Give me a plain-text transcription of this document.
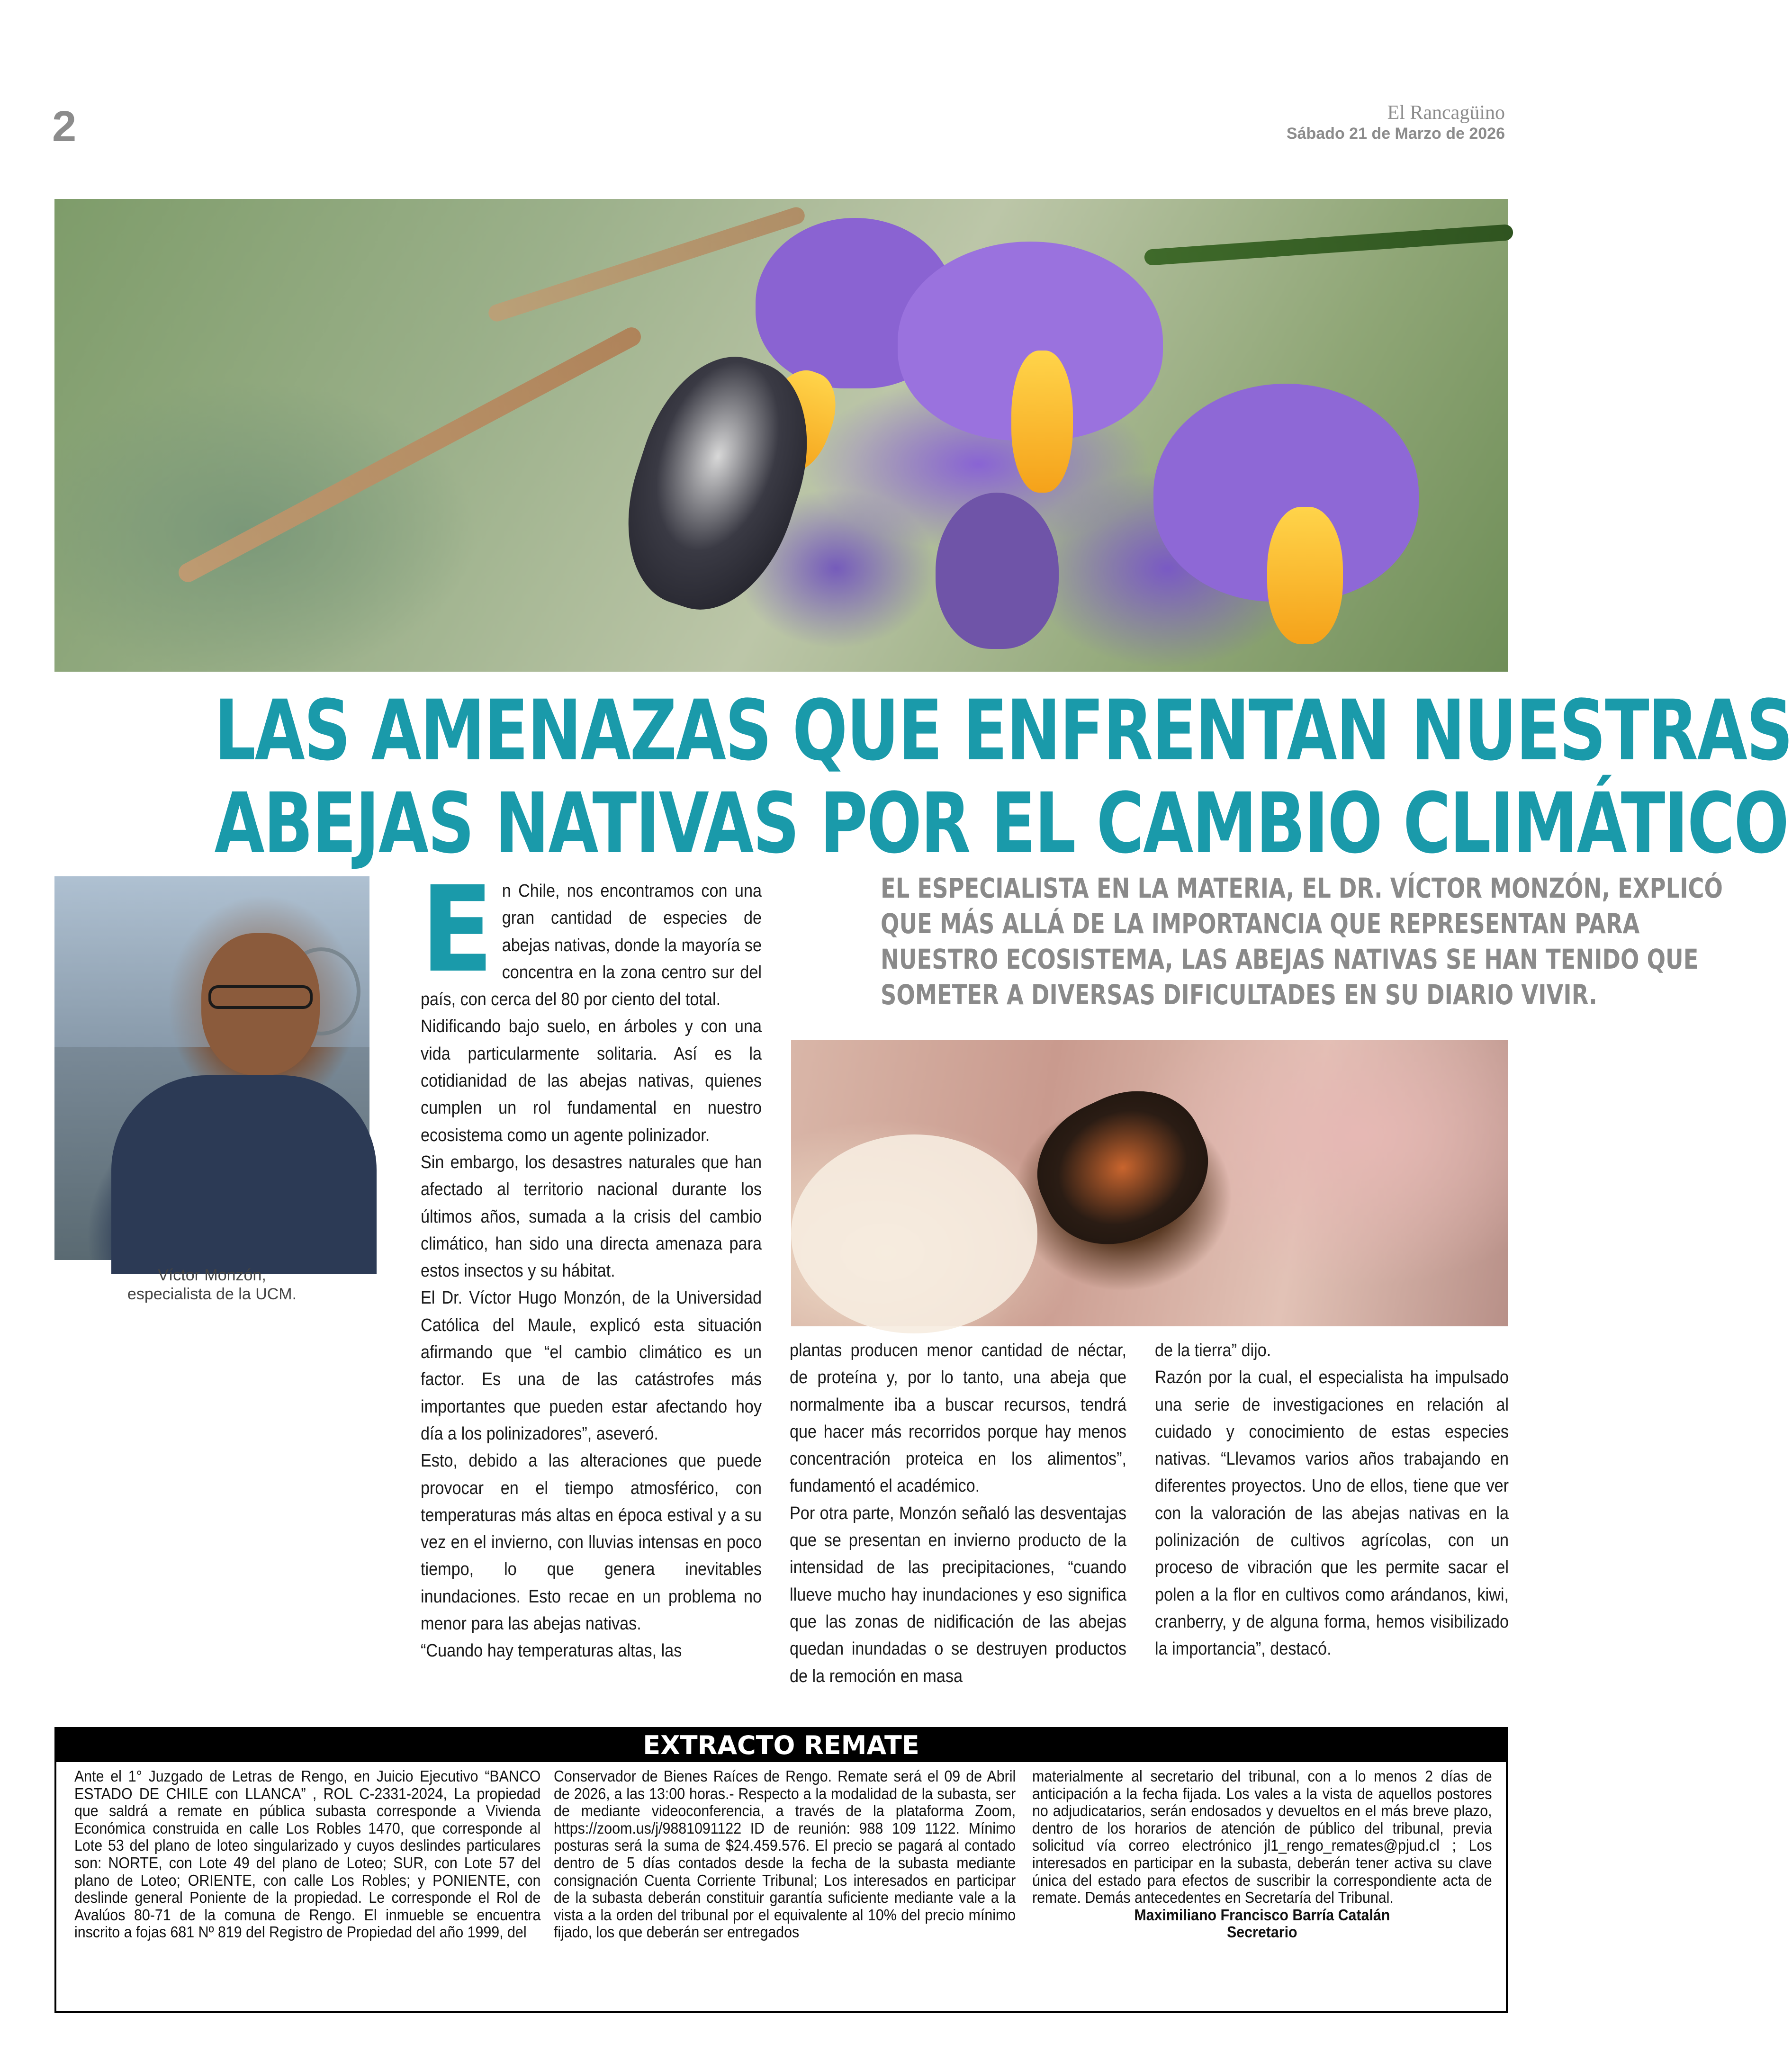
2	El Rancagüino
Sábado 21 de Marzo de 2026
LAS AMENAZAS QUE ENFRENTAN NUESTRAS
ABEJAS NATIVAS POR EL CAMBIO CLIMÁTICO
Víctor Monzón,
especialista de la UCM.
E n Chile, nos encontramos con una gran cantidad de especies de abejas nativas, donde la mayoría se concentra en la zona centro sur del país, con cerca del 80 por ciento del total.

Nidificando bajo suelo, en árboles y con una vida particularmente solitaria. Así es la cotidianidad de las abejas nativas, quienes cumplen un rol fundamental en nuestro ecosistema como un agente polinizador.

Sin embargo, los desastres naturales que han afectado al territorio nacional durante los últimos años, sumada a la crisis del cambio climático, han sido una directa amenaza para estos insectos y su hábitat.

El Dr. Víctor Hugo Monzón, de la Universidad Católica del Maule, explicó esta situación afirmando que “el cambio climático es un factor. Es una de las catástrofes más importantes que pueden estar afectando hoy día a los polinizadores”, aseveró.

Esto, debido a las alteraciones que puede provocar en el tiempo atmosférico, con temperaturas más altas en época estival y a su vez en el invierno, con lluvias intensas en poco tiempo, lo que genera inevitables inundaciones. Esto recae en un problema no menor para las abejas nativas.

“Cuando hay temperaturas altas, las

EL ESPECIALISTA EN LA MATERIA, EL DR. VÍCTOR MONZÓN, EXPLICÓ
QUE MÁS ALLÁ DE LA IMPORTANCIA QUE REPRESENTAN PARA
NUESTRO ECOSISTEMA, LAS ABEJAS NATIVAS SE HAN TENIDO QUE
SOMETER A DIVERSAS DIFICULTADES EN SU DIARIO VIVIR.

plantas producen menor cantidad de néctar, de proteína y, por lo tanto, una abeja que normalmente iba a buscar recursos, tendrá que hacer más recorridos porque hay menos concentración proteica en los alimentos”, fundamentó el académico.

Por otra parte, Monzón señaló las desventajas que se presentan en invierno producto de la intensidad de las precipitaciones, “cuando llueve mucho hay inundaciones y eso significa que las zonas de nidificación de las abejas quedan inundadas o se destruyen productos de la remoción en masa

de la tierra” dijo.

Razón por la cual, el especialista ha impulsado una serie de investigaciones en relación al cuidado y conocimiento de estas especies nativas. “Llevamos varios años trabajando en diferentes proyectos. Uno de ellos, tiene que ver con la valoración de las abejas nativas en la polinización de cultivos agrícolas, con un proceso de vibración que les permite sacar el polen a la flor en cultivos como arándanos, kiwi, cranberry, y de alguna forma, hemos visibilizado la importancia”, destacó.

EXTRACTO REMATE

Ante el 1° Juzgado de Letras de Rengo, en Juicio Ejecutivo “BANCO ESTADO DE CHILE con LLANCA” , ROL C-2331-2024, La propiedad que saldrá a remate en pública subasta corresponde a Vivienda Económica construida en calle Los Robles 1470, que corresponde al Lote 53 del plano de loteo singularizado y cuyos deslindes particulares son: NORTE, con Lote 49 del plano de Loteo; SUR, con Lote 57 del plano de Loteo; ORIENTE, con calle Los Robles; y PONIENTE, con deslinde general Poniente de la propiedad. Le corresponde el Rol de Avalúos 80-71 de la comuna de Rengo. El inmueble se encuentra inscrito a fojas 681 Nº 819 del Registro de Propiedad del año 1999, del

Conservador de Bienes Raíces de Rengo. Remate será el 09 de Abril de 2026, a las 13:00 horas.- Respecto a la modalidad de la subasta, ser de mediante videoconferencia, a través de la plataforma Zoom, https://zoom.us/j/9881091122 ID de reunión: 988 109 1122. Mínimo posturas será la suma de $24.459.576. El precio se pagará al contado dentro de 5 días contados desde la fecha de la subasta mediante consignación Cuenta Corriente Tribunal; Los interesados en participar de la subasta deberán constituir garantía suficiente mediante vale a la vista a la orden del tribunal por el equivalente al 10% del precio mínimo fijado, los que deberán ser entregados

materialmente al secretario del tribunal, con a lo menos 2 días de anticipación a la fecha fijada. Los vales a la vista de aquellos postores no adjudicatarios, serán endosados y devueltos en el más breve plazo, dentro de los horarios de atención de público del tribunal, previa solicitud vía correo electrónico jl1_rengo_remates@pjud.cl ; Los interesados en participar en la subasta, deberán tener activa su clave única del estado para efectos de suscribir la correspondiente acta de remate. Demás antecedentes en Secretaría del Tribunal.

Maximiliano Francisco Barría Catalán
Secretario
